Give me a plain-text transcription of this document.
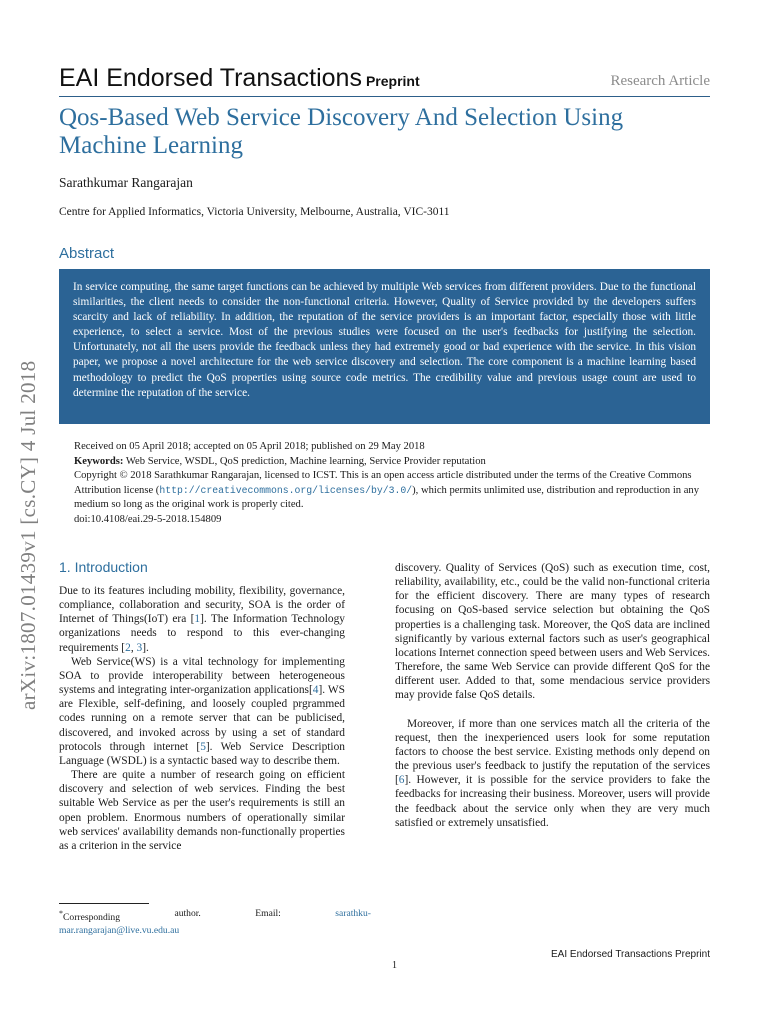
EAI Endorsed Transactions Preprint	Research Article
Qos-Based Web Service Discovery And Selection Using Machine Learning
Sarathkumar Rangarajan
Centre for Applied Informatics, Victoria University, Melbourne, Australia, VIC-3011
Abstract
In service computing, the same target functions can be achieved by multiple Web services from different providers. Due to the functional similarities, the client needs to consider the non-functional criteria. However, Quality of Service provided by the developers suffers scarcity and lack of reliability. In addition, the reputation of the service providers is an important factor, especially those with little experience, to select a service. Most of the previous studies were focused on the user's feedbacks for justifying the selection. Unfortunately, not all the users provide the feedback unless they had extremely good or bad experience with the service. In this vision paper, we propose a novel architecture for the web service discovery and selection. The core component is a machine learning based methodology to predict the QoS properties using source code metrics. The credibility value and previous usage count are used to determine the reputation of the service.

Received on 05 April 2018; accepted on 05 April 2018; published on 29 May 2018

Keywords: Web Service, WSDL, QoS prediction, Machine learning, Service Provider reputation

Copyright © 2018 Sarathkumar Rangarajan, licensed to ICST. This is an open access article distributed under the terms of the Creative Commons Attribution license (http://creativecommons.org/licenses/by/3.0/), which permits unlimited use, distribution and reproduction in any medium so long as the original work is properly cited.

doi:10.4108/eai.29-5-2018.154809

arXiv:1807.01439v1 [cs.CY] 4 Jul 2018 1. Introduction

Due to its features including mobility, flexibility, governance, compliance, collaboration and security, SOA is the order of Internet of Things(IoT) era [1]. The Information Technology organizations needs to respond to this ever-changing requirements [2, 3].

Web Service(WS) is a vital technology for implementing SOA to provide interoperability between heterogeneous systems and integrating inter-organization applications[4]. WS are Flexible, self-defining, and loosely coupled prgrammed codes running on a remote server that can be publicised, discovered, and invoked across by using a set of standard protocols through internet [5]. Web Service Description Language (WSDL) is a syntactic based way to describe them.

There are quite a number of research going on efficient discovery and selection of web services. Finding the best suitable Web Service as per the user's requirements is still an open problem. Enormous numbers of operationally similar web services' availability demands non-functionally properties as a criterion in the service

discovery. Quality of Services (QoS) such as execution time, cost, reliability, availability, etc., could be the valid non-functional criteria for the efficient discovery. There are many types of research focusing on QoS-based service selection but obtaining the QoS properties is a challenging task. Moreover, the QoS data are inclined significantly by various external factors such as user's geographical locations Internet connection speed between users and Web Services. Therefore, the same Web Service can provide different QoS for the different user. Added to that, some mendacious service providers may provide false QoS details.

Moreover, if more than one services match all the criteria of the request, then the inexperienced users look for some reputation factors to choose the best service. Existing methods only depend on the previous user's feedback to justify the reputation of the services [6]. However, it is possible for the service providers to fake the feedbacks for increasing their business. Moreover, users will provide the feedback about the service only when they are very much satisfied or extremely unsatisfied.

*Corresponding	author.	Email:	sarathku-
mar.rangarajan@live.vu.edu.au
EAI Endorsed Transactions Preprint
1
